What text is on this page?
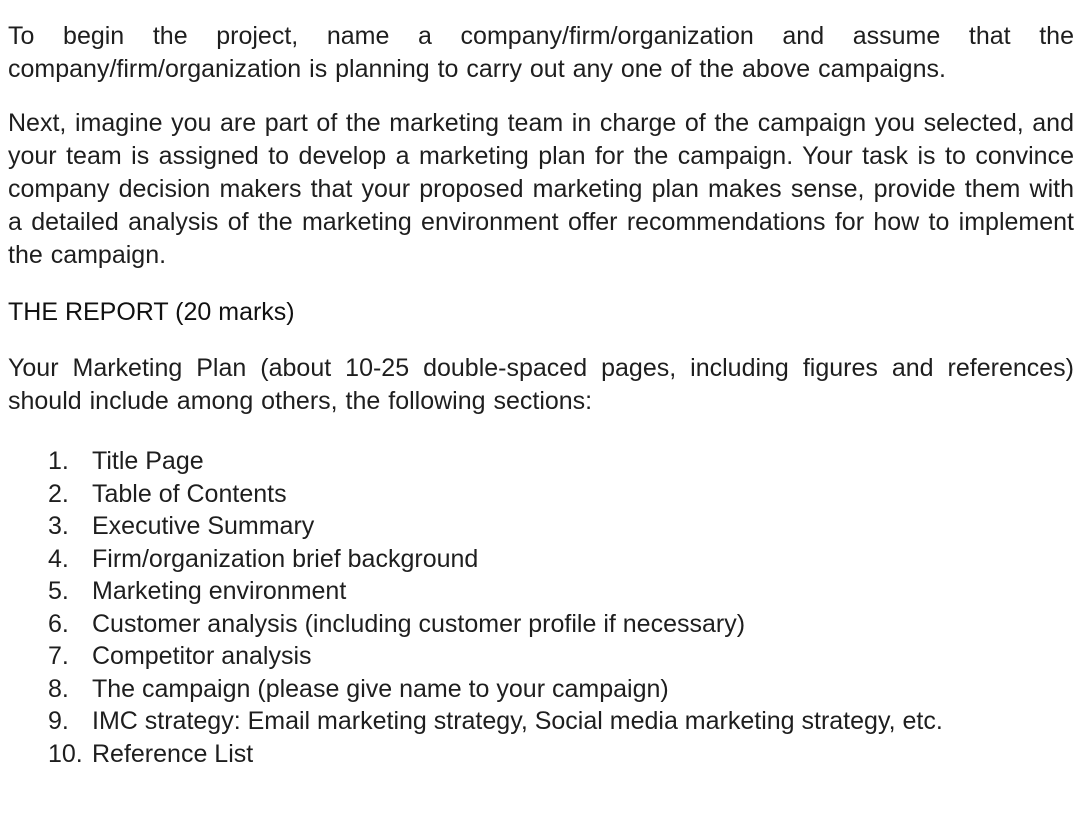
To begin the project, name a company/firm/organization and assume that the company/firm/organization is planning to carry out any one of the above campaigns.

Next, imagine you are part of the marketing team in charge of the campaign you selected, and your team is assigned to develop a marketing plan for the campaign. Your task is to convince company decision makers that your proposed marketing plan makes sense, provide them with a detailed analysis of the marketing environment offer recommendations for how to implement the campaign.

THE REPORT (20 marks)

Your Marketing Plan (about 10-25 double-spaced pages, including figures and references) should include among others, the following sections:

1. Title Page
2. Table of Contents
3. Executive Summary
4. Firm/organization brief background
5. Marketing environment
6. Customer analysis (including customer profile if necessary)
7. Competitor analysis
8. The campaign (please give name to your campaign)
9. IMC strategy: Email marketing strategy, Social media marketing strategy, etc.
10. Reference List
